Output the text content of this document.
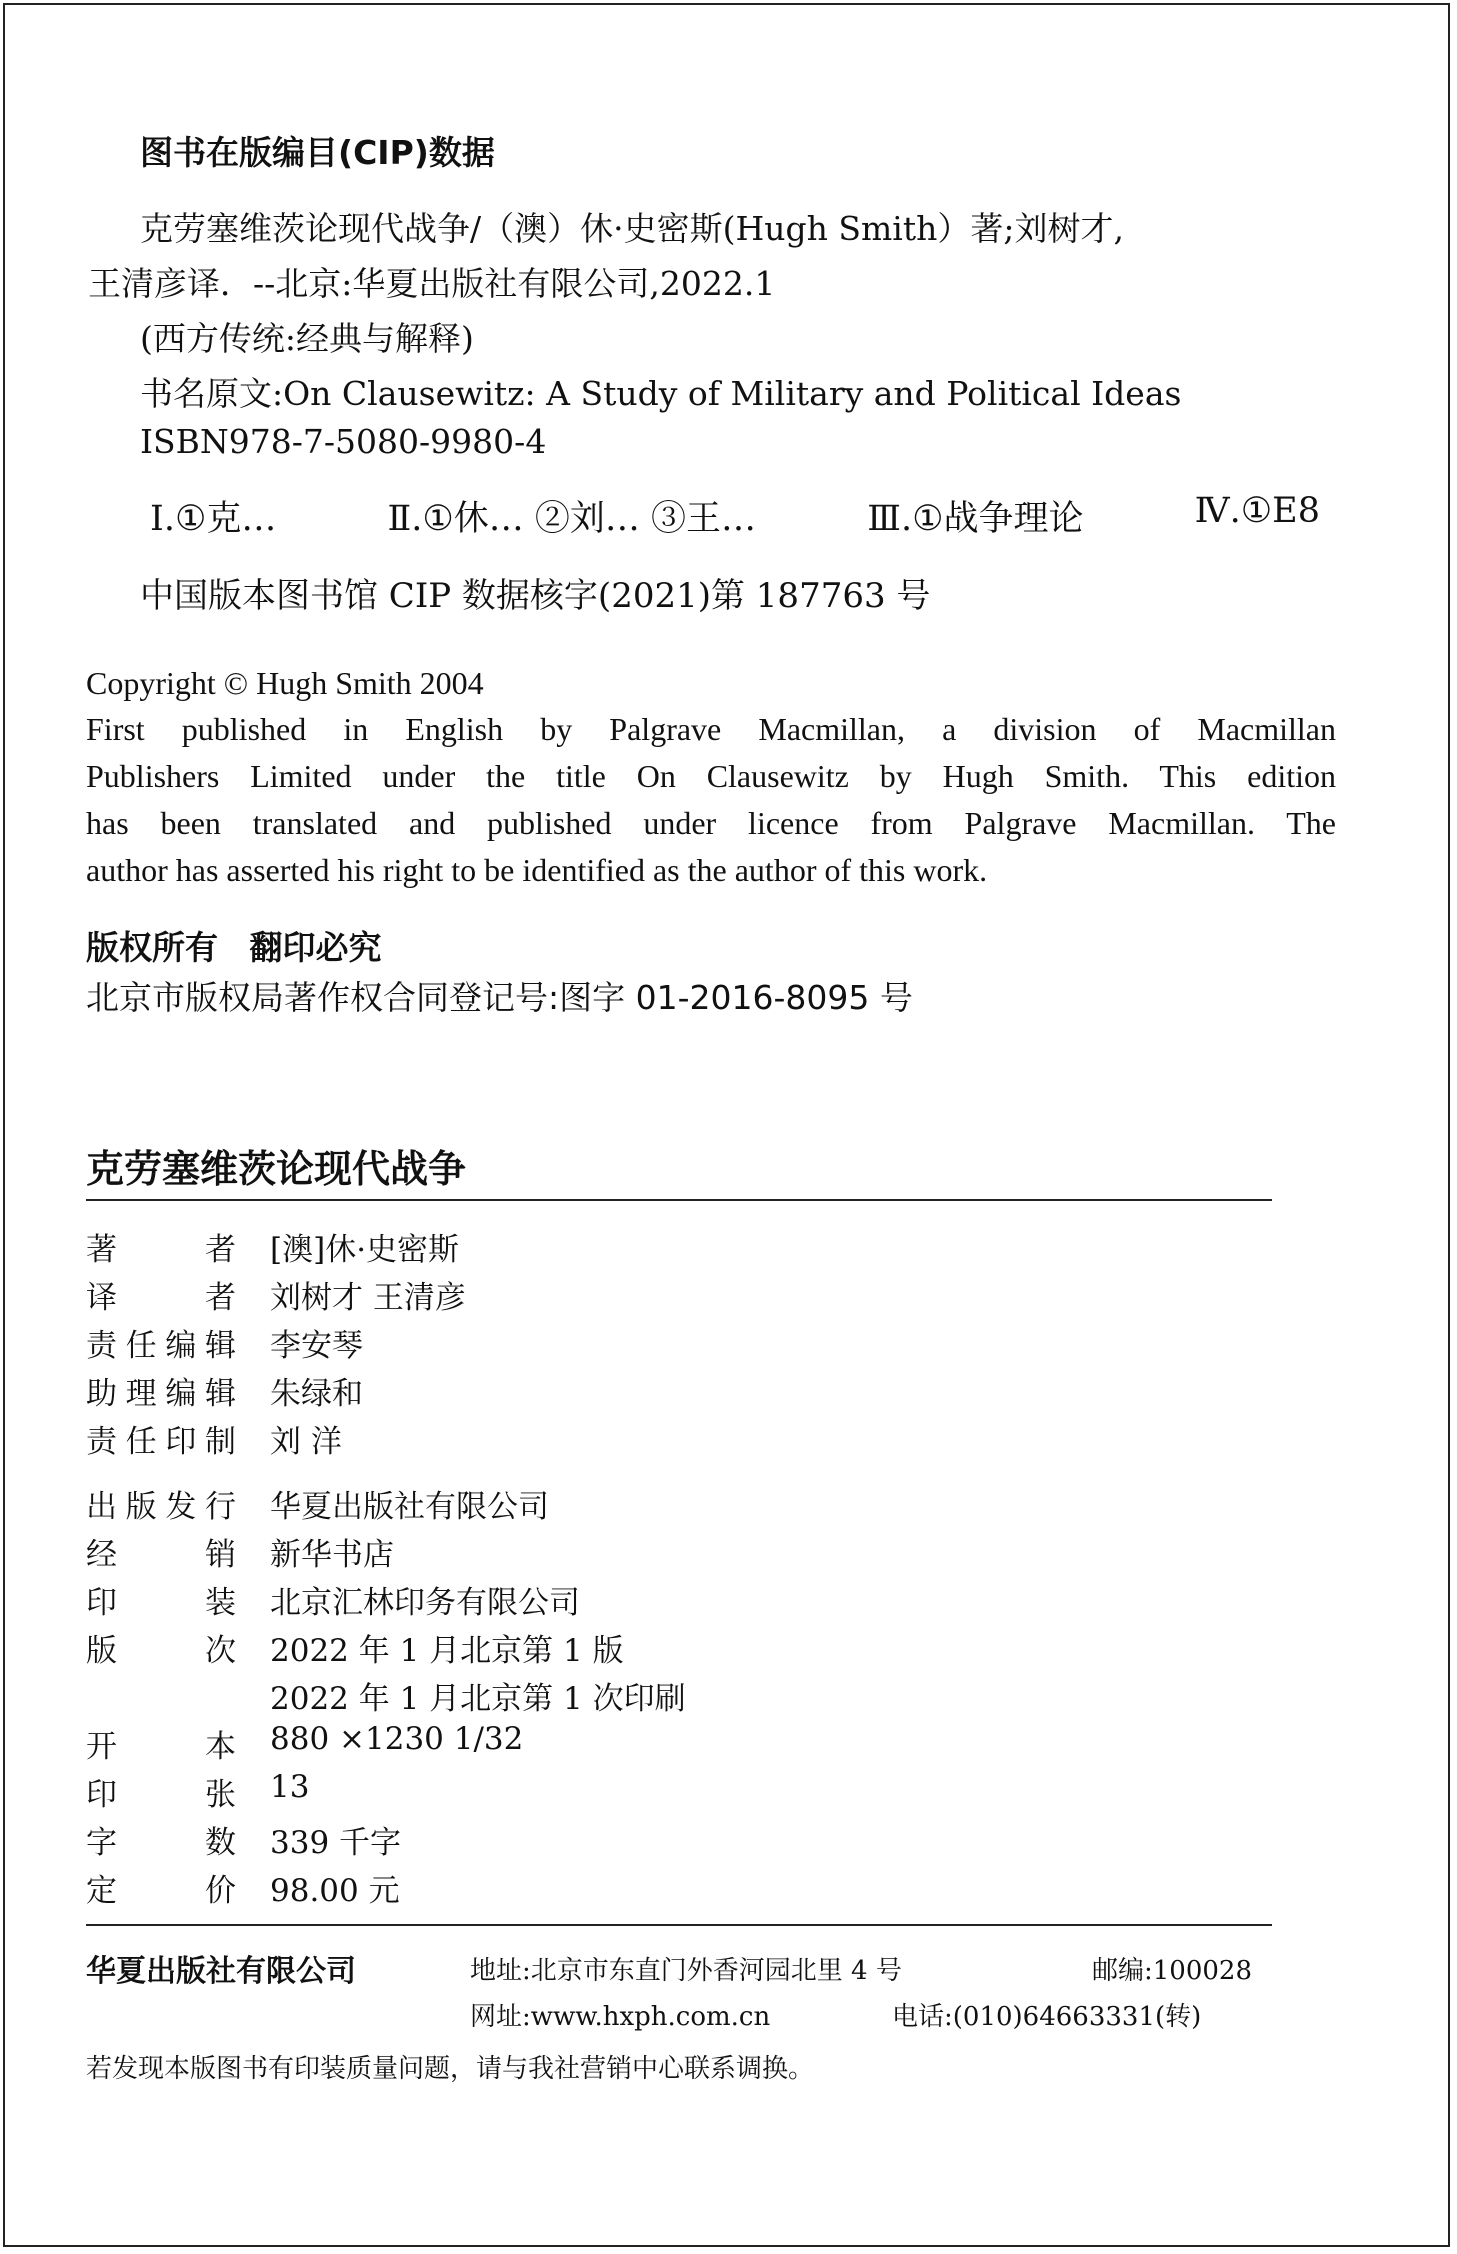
图书在版编目(CIP)数据
克劳塞维茨论现代战争/（澳）休·史密斯(Hugh Smith）著;刘树才,
王清彦译．--北京:华夏出版社有限公司,2022.1
(西方传统:经典与解释)
书名原文:On Clausewitz: A Study of Military and Political Ideas
ISBN978-7-5080-9980-4
Ⅰ.①克…	Ⅱ.①休… ②刘… ③王…	Ⅲ.①战争理论	Ⅳ.①E8
中国版本图书馆 CIP 数据核字(2021)第 187763 号
Copyright © Hugh Smith 2004
First published in English by Palgrave Macmillan, a division of Macmillan
Publishers Limited under the title On Clausewitz by Hugh Smith. This edition
has been translated and published under licence from Palgrave Macmillan. The
author has asserted his right to be identified as the author of this work.
版权所有 翻印必究
北京市版权局著作权合同登记号:图字 01-2016-8095 号
克劳塞维茨论现代战争
著者 [澳]休·史密斯
译者 刘树才 王清彦
责任编辑 李安琴
助理编辑 朱绿和
责任印制 刘 洋
出版发行 华夏出版社有限公司
经销 新华书店
印装 北京汇林印务有限公司
版次 2022 年 1 月北京第 1 版
2022 年 1 月北京第 1 次印刷
开本 880 ×1230 1/32
印张 13
字数 339 千字
定价 98.00 元
华夏出版社有限公司	地址:北京市东直门外香河园北里 4 号	邮编:100028
网址:www.hxph.com.cn	电话:(010)64663331(转)
若发现本版图书有印装质量问题，请与我社营销中心联系调换。
